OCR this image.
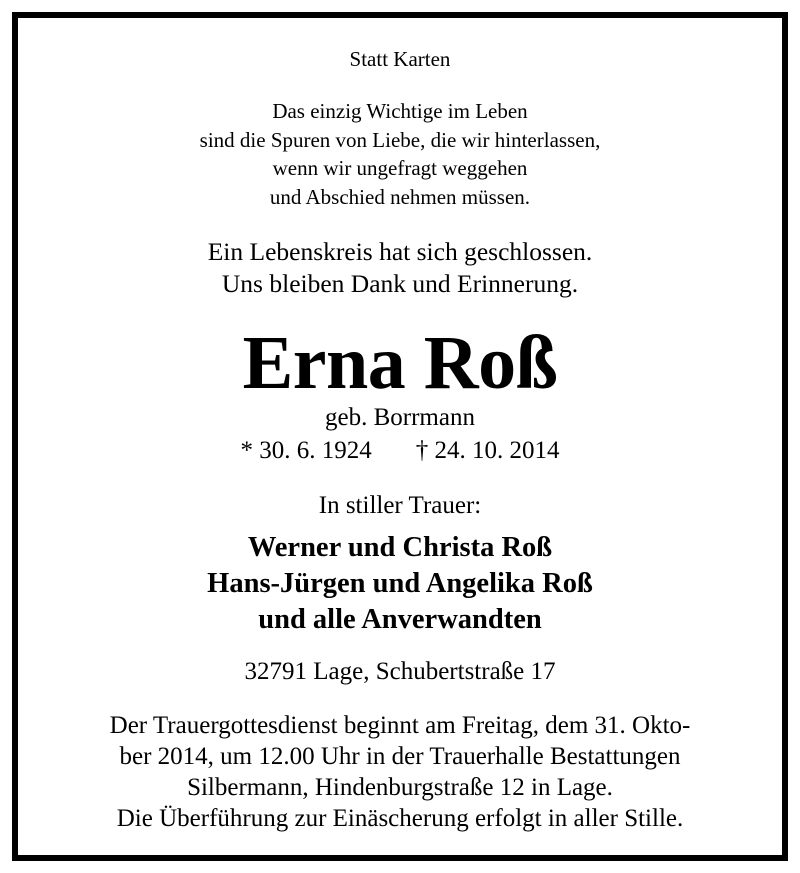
Statt Karten
Das einzig Wichtige im Leben
sind die Spuren von Liebe, die wir hinterlassen,
wenn wir ungefragt weggehen
und Abschied nehmen müssen.
Ein Lebenskreis hat sich geschlossen.
Uns bleiben Dank und Erinnerung.
Erna Roß
geb. Borrmann
* 30. 6. 1924 † 24. 10. 2014
In stiller Trauer:
Werner und Christa Roß
Hans-Jürgen und Angelika Roß
und alle Anverwandten
32791 Lage, Schubertstraße 17
Der Trauergottesdienst beginnt am Freitag, dem 31. Okto-
ber 2014, um 12.00 Uhr in der Trauerhalle Bestattungen
Silbermann, Hindenburgstraße 12 in Lage.
Die Überführung zur Einäscherung erfolgt in aller Stille.
